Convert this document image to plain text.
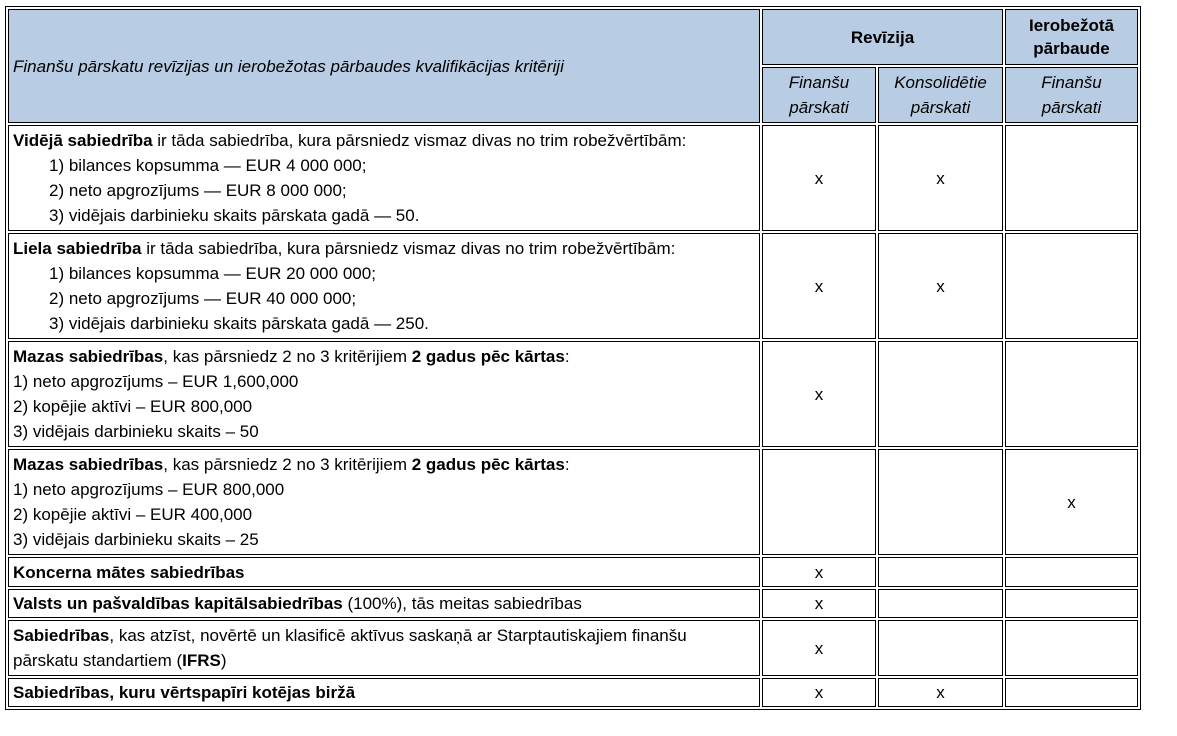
Finanšu pārskatu revīzijas un ierobežotas pārbaudes kvalifikācijas kritēriji	Revīzija		Ierobežotā pārbaude
	Finanšu pārskati	Konsolidētie pārskati	Finanšu pārskati

Vidējā sabiedrība ir tāda sabiedrība, kura pārsniedz vismaz divas no trim robežvērtībām:
1) bilances kopsumma — EUR 4 000 000;
2) neto apgrozījums — EUR 8 000 000;
3) vidējais darbinieku skaits pārskata gadā — 50.	x	x	

Liela sabiedrība ir tāda sabiedrība, kura pārsniedz vismaz divas no trim robežvērtībām:
1) bilances kopsumma — EUR 20 000 000;
2) neto apgrozījums — EUR 40 000 000;
3) vidējais darbinieku skaits pārskata gadā — 250.	x	x	

Mazas sabiedrības, kas pārsniedz 2 no 3 kritērijiem 2 gadus pēc kārtas:
1) neto apgrozījums – EUR 1,600,000
2) kopējie aktīvi – EUR 800,000
3) vidējais darbinieku skaits – 50	x		

Mazas sabiedrības, kas pārsniedz 2 no 3 kritērijiem 2 gadus pēc kārtas:
1) neto apgrozījums – EUR 800,000
2) kopējie aktīvi – EUR 400,000
3) vidējais darbinieku skaits – 25			x
Koncerna mātes sabiedrības	x		
Valsts un pašvaldības kapitālsabiedrības (100%), tās meitas sabiedrības	x		
Sabiedrības, kas atzīst, novērtē un klasificē aktīvus saskaņā ar Starptautiskajiem finanšu pārskatu standartiem (IFRS)	x		
Sabiedrības, kuru vērtspapīri kotējas biržā	x	x	
